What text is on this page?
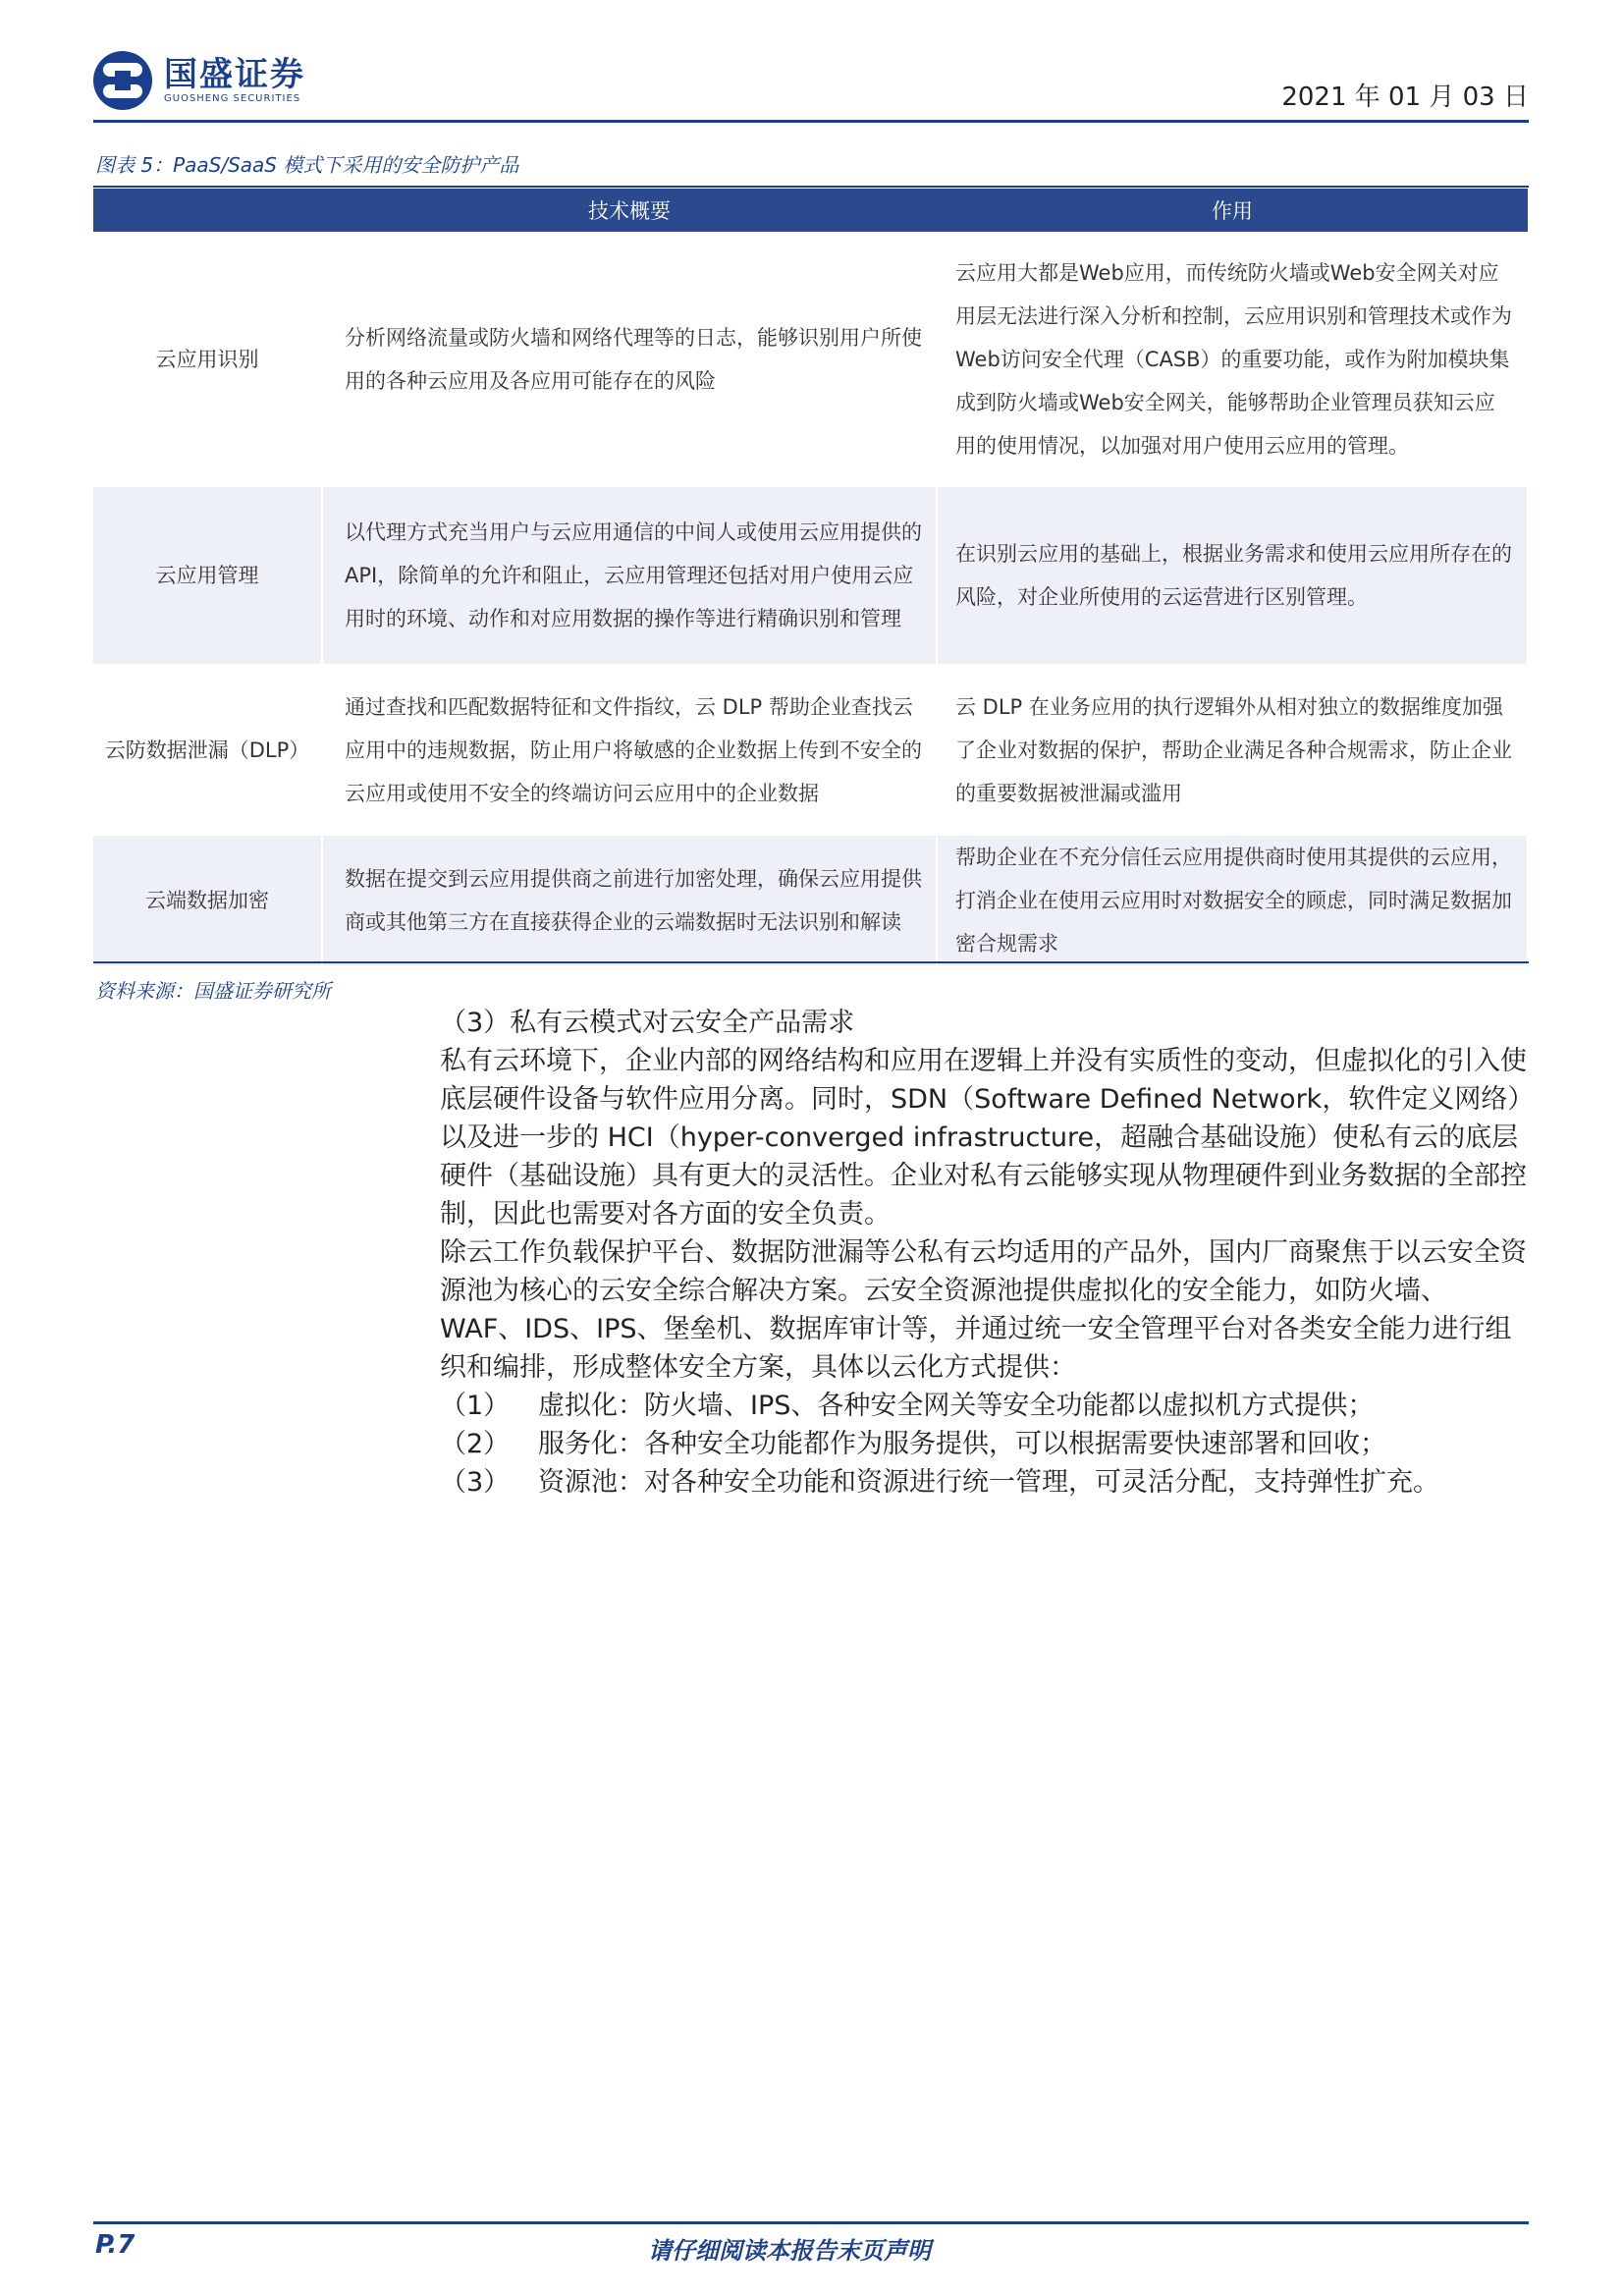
国盛证券
GUOSHENG SECURITIES	2021 年 01 月 03 日
图表 5：PaaS/SaaS 模式下采用的安全防护产品
	技术概要	作用
云应用识别	分析网络流量或防火墙和网络代理等的日志，能够识别用户所使用的各种云应用及各应用可能存在的风险	云应用大都是Web应用，而传统防火墙或Web安全网关对应用层无法进行深入分析和控制，云应用识别和管理技术或作为Web访问安全代理（CASB）的重要功能，或作为附加模块集成到防火墙或Web安全网关，能够帮助企业管理员获知云应用的使用情况，以加强对用户使用云应用的管理。
云应用管理	以代理方式充当用户与云应用通信的中间人或使用云应用提供的API，除简单的允许和阻止，云应用管理还包括对用户使用云应用时的环境、动作和对应用数据的操作等进行精确识别和管理	在识别云应用的基础上，根据业务需求和使用云应用所存在的风险，对企业所使用的云运营进行区别管理。
云防数据泄漏（DLP）	通过查找和匹配数据特征和文件指纹，云 DLP 帮助企业查找云应用中的违规数据，防止用户将敏感的企业数据上传到不安全的云应用或使用不安全的终端访问云应用中的企业数据	云 DLP 在业务应用的执行逻辑外从相对独立的数据维度加强了企业对数据的保护，帮助企业满足各种合规需求，防止企业的重要数据被泄漏或滥用
云端数据加密	数据在提交到云应用提供商之前进行加密处理，确保云应用提供商或其他第三方在直接获得企业的云端数据时无法识别和解读	帮助企业在不充分信任云应用提供商时使用其提供的云应用，打消企业在使用云应用时对数据安全的顾虑，同时满足数据加密合规需求
资料来源：国盛证券研究所

（3）私有云模式对云安全产品需求

私有云环境下，企业内部的网络结构和应用在逻辑上并没有实质性的变动，但虚拟化的引入使底层硬件设备与软件应用分离。同时，SDN（Software Defined Network，软件定义网络）以及进一步的 HCI（hyper-converged infrastructure，超融合基础设施）使私有云的底层硬件（基础设施）具有更大的灵活性。企业对私有云能够实现从物理硬件到业务数据的全部控制，因此也需要对各方面的安全负责。

除云工作负载保护平台、数据防泄漏等公私有云均适用的产品外，国内厂商聚焦于以云安全资源池为核心的云安全综合解决方案。云安全资源池提供虚拟化的安全能力，如防火墙、WAF、IDS、IPS、堡垒机、数据库审计等，并通过统一安全管理平台对各类安全能力进行组织和编排，形成整体安全方案，具体以云化方式提供：

（1）	虚拟化：防火墙、IPS、各种安全网关等安全功能都以虚拟机方式提供；
（2）	服务化：各种安全功能都作为服务提供，可以根据需要快速部署和回收；
（3）	资源池：对各种安全功能和资源进行统一管理，可灵活分配，支持弹性扩充。
P.7	请仔细阅读本报告末页声明
